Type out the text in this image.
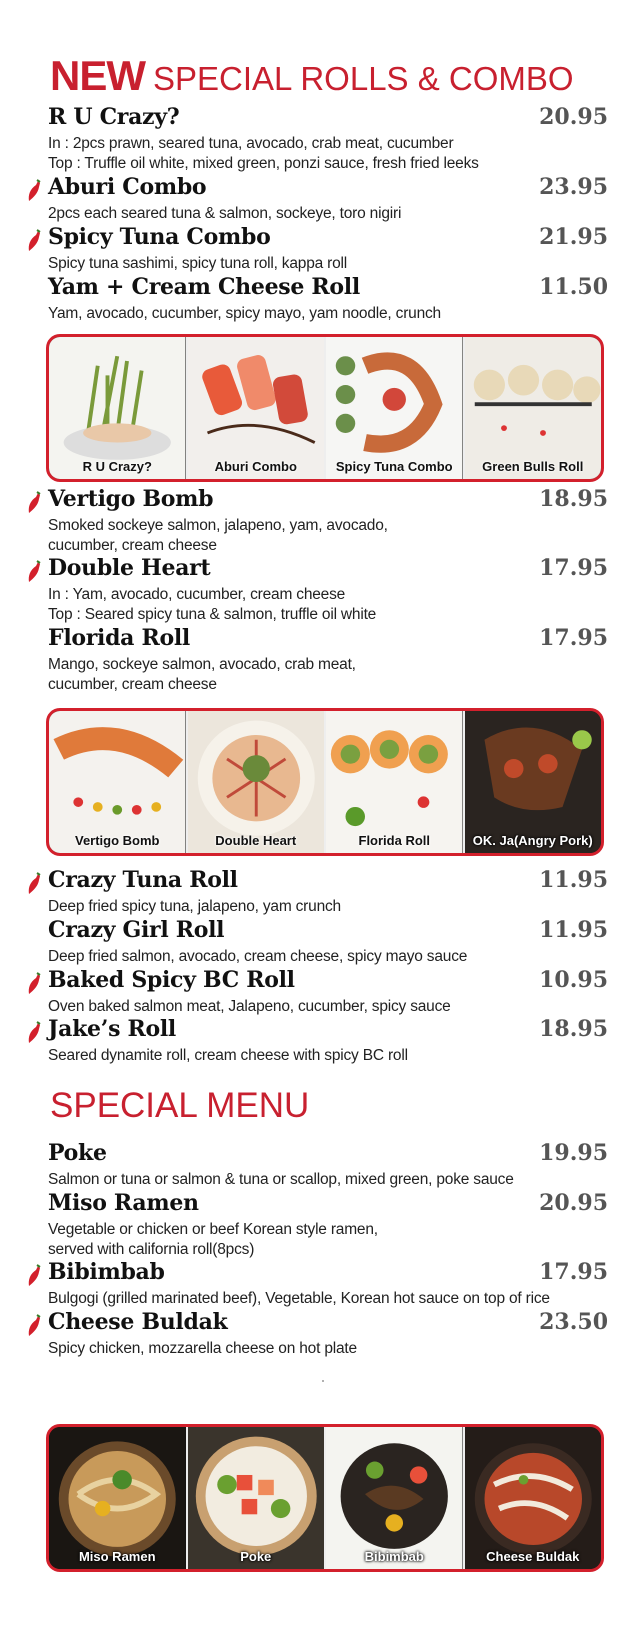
NEW SPECIAL ROLLS & COMBO
R U Crazy?	20.95
In : 2pcs prawn, seared tuna, avocado, crab meat, cucumber
Top : Truffle oil white, mixed green, ponzi sauce, fresh fried leeks
Aburi Combo	23.95
2pcs each seared tuna & salmon, sockeye, toro nigiri
Spicy Tuna Combo	21.95
Spicy tuna sashimi, spicy tuna roll, kappa roll
Yam + Cream Cheese Roll	11.50
Yam, avocado, cucumber, spicy mayo, yam noodle, crunch
R U Crazy?	Aburi Combo	Spicy Tuna Combo	Green Bulls Roll
Vertigo Bomb	18.95
Smoked sockeye salmon, jalapeno, yam, avocado,
cucumber, cream cheese
Double Heart	17.95
In : Yam, avocado, cucumber, cream cheese
Top : Seared spicy tuna & salmon, truffle oil white
Florida Roll	17.95
Mango, sockeye salmon, avocado, crab meat,
cucumber, cream cheese
Vertigo Bomb	Double Heart	Florida Roll	OK. Ja(Angry Pork)
Crazy Tuna Roll	11.95
Deep fried spicy tuna, jalapeno, yam crunch
Crazy Girl Roll	11.95
Deep fried salmon, avocado, cream cheese, spicy mayo sauce
Baked Spicy BC Roll	10.95
Oven baked salmon meat, Jalapeno, cucumber, spicy sauce
Jake’s Roll	18.95
Seared dynamite roll, cream cheese with spicy BC roll
SPECIAL MENU
Poke	19.95
Salmon or tuna or salmon & tuna or scallop, mixed green, poke sauce
Miso Ramen	20.95
Vegetable or chicken or beef Korean style ramen,
served with california roll(8pcs)
Bibimbab	17.95
Bulgogi (grilled marinated beef), Vegetable, Korean hot sauce on top of rice
Cheese Buldak	23.50
Spicy chicken, mozzarella cheese on hot plate
Miso Ramen	Poke	Bibimbab	Cheese Buldak
